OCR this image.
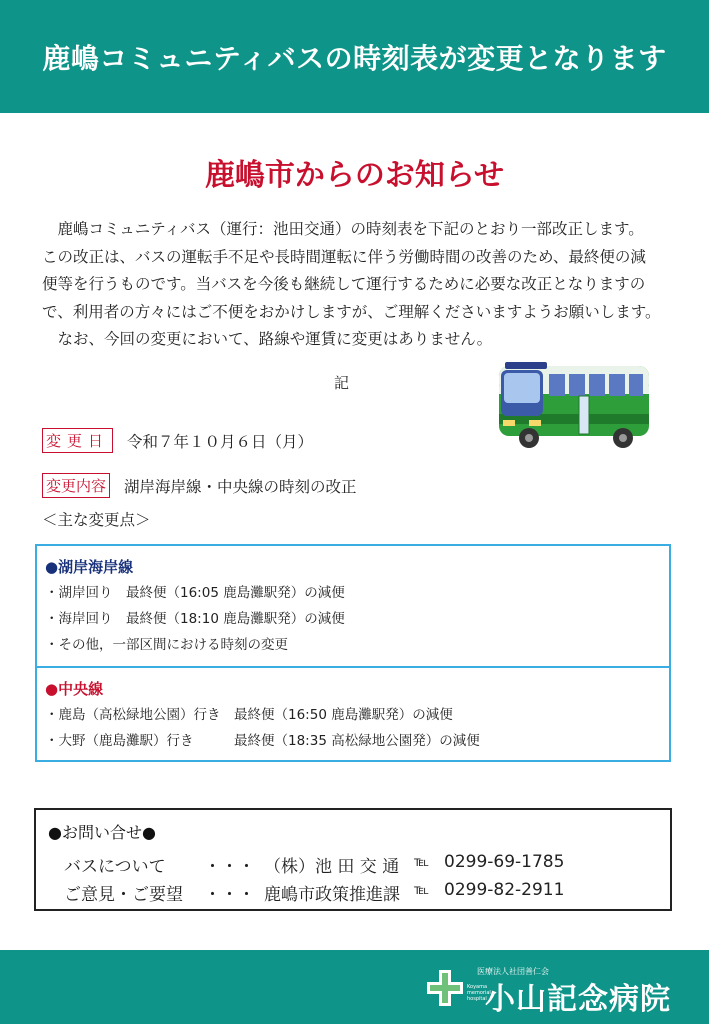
鹿嶋コミュニティバスの時刻表が変更となります
鹿嶋市からのお知らせ

　鹿嶋コミュニティバス（運行：池田交通）の時刻表を下記のとおり一部改正します。

この改正は、バスの運転手不足や長時間運転に伴う労働時間の改善のため、最終便の減

便等を行うものです。当バスを今後も継続して運行するために必要な改正となりますの

で、利用者の方々にはご不便をおかけしますが、ご理解くださいますようお願いします。

　なお、今回の変更において、路線や運賃に変更はありません。

記
変更日 令和７年１０月６日（月）
変更内容 湖岸海岸線・中央線の時刻の改正
＜主な変更点＞
●湖岸海岸線
・湖岸回り　最終便（16:05 鹿島灘駅発）の減便
・海岸回り　最終便（18:10 鹿島灘駅発）の減便
・その他，一部区間における時刻の変更
●中央線
・鹿島（高松緑地公園）行き　最終便（16:50 鹿島灘駅発）の減便
・大野（鹿島灘駅）行き　　　最終便（18:35 高松緑地公園発）の減便
●お問い合せ●
バスについて ・・・ （株）池 田 交 通 ℡ 0299-69-1785
ご意見・ご要望 ・・・ 鹿嶋市政策推進課 ℡ 0299-82-2911
医療法人社団善仁会
Koyama
memorial
hospital
小山記念病院
